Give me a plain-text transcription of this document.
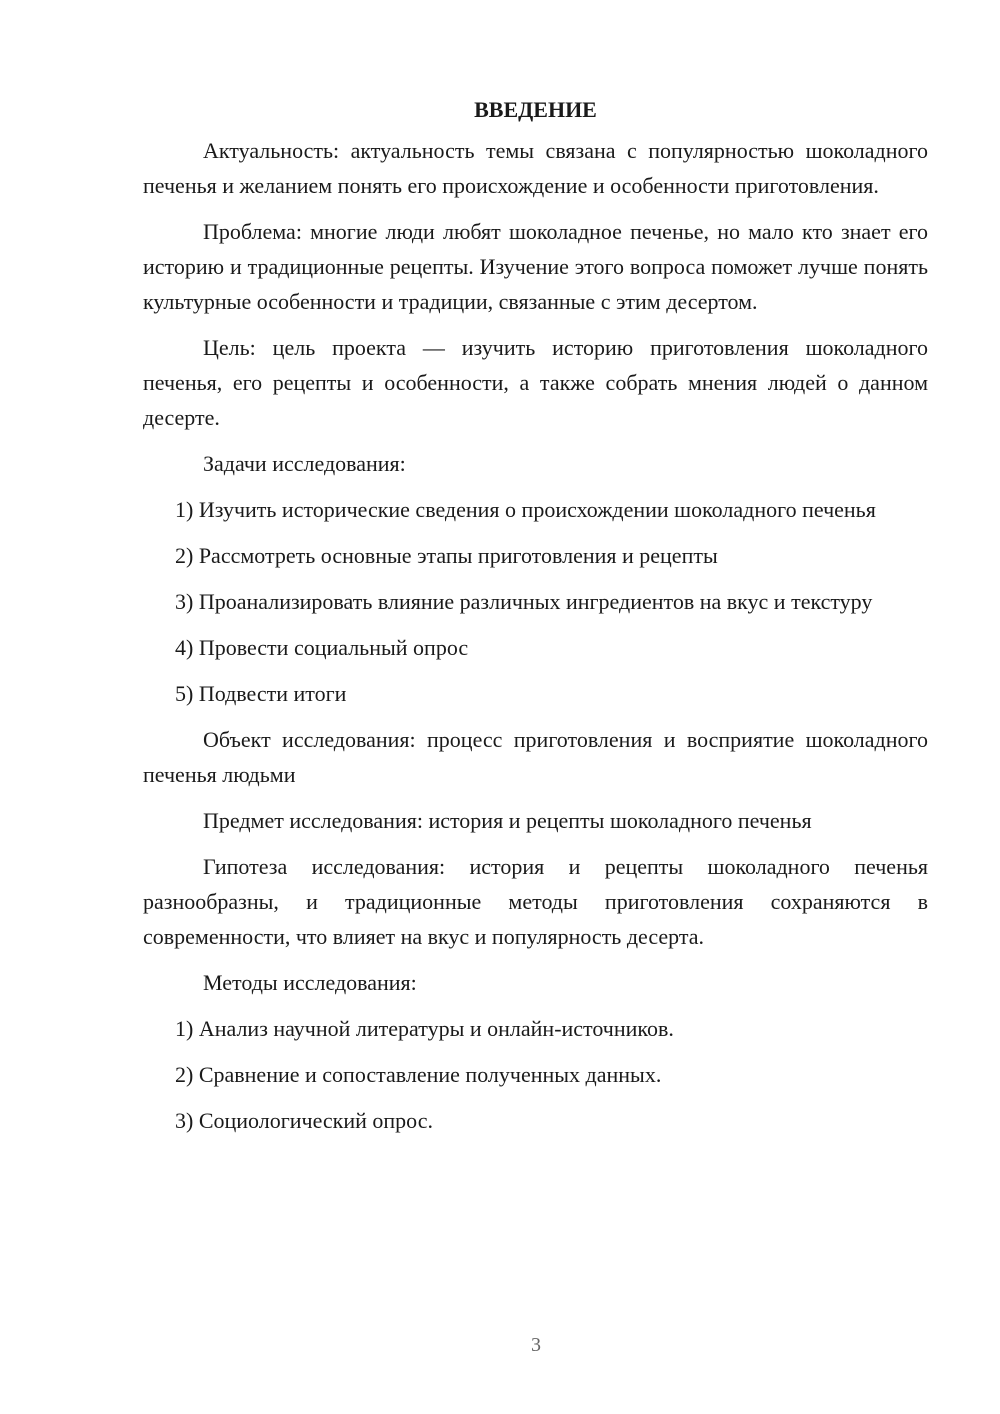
ВВЕДЕНИЕ

Актуальность: актуальность темы связана с популярностью шоколадного печенья и желанием понять его происхождение и особенности приготовления.

Проблема: многие люди любят шоколадное печенье, но мало кто знает его историю и традиционные рецепты. Изучение этого вопроса поможет лучше понять культурные особенности и традиции, связанные с этим десертом.

Цель: цель проекта — изучить историю приготовления шоколадного печенья, его рецепты и особенности, а также собрать мнения людей о данном десерте.

Задачи исследования:

1) Изучить исторические сведения о происхождении шоколадного печенья

2) Рассмотреть основные этапы приготовления и рецепты

3) Проанализировать влияние различных ингредиентов на вкус и текстуру

4) Провести социальный опрос

5) Подвести итоги

Объект исследования: процесс приготовления и восприятие шоколадного печенья людьми

Предмет исследования: история и рецепты шоколадного печенья

Гипотеза исследования: история и рецепты шоколадного печенья разнообразны, и традиционные методы приготовления сохраняются в современности, что влияет на вкус и популярность десерта.

Методы исследования:

1) Анализ научной литературы и онлайн-источников.

2) Сравнение и сопоставление полученных данных.

3) Социологический опрос.

3
